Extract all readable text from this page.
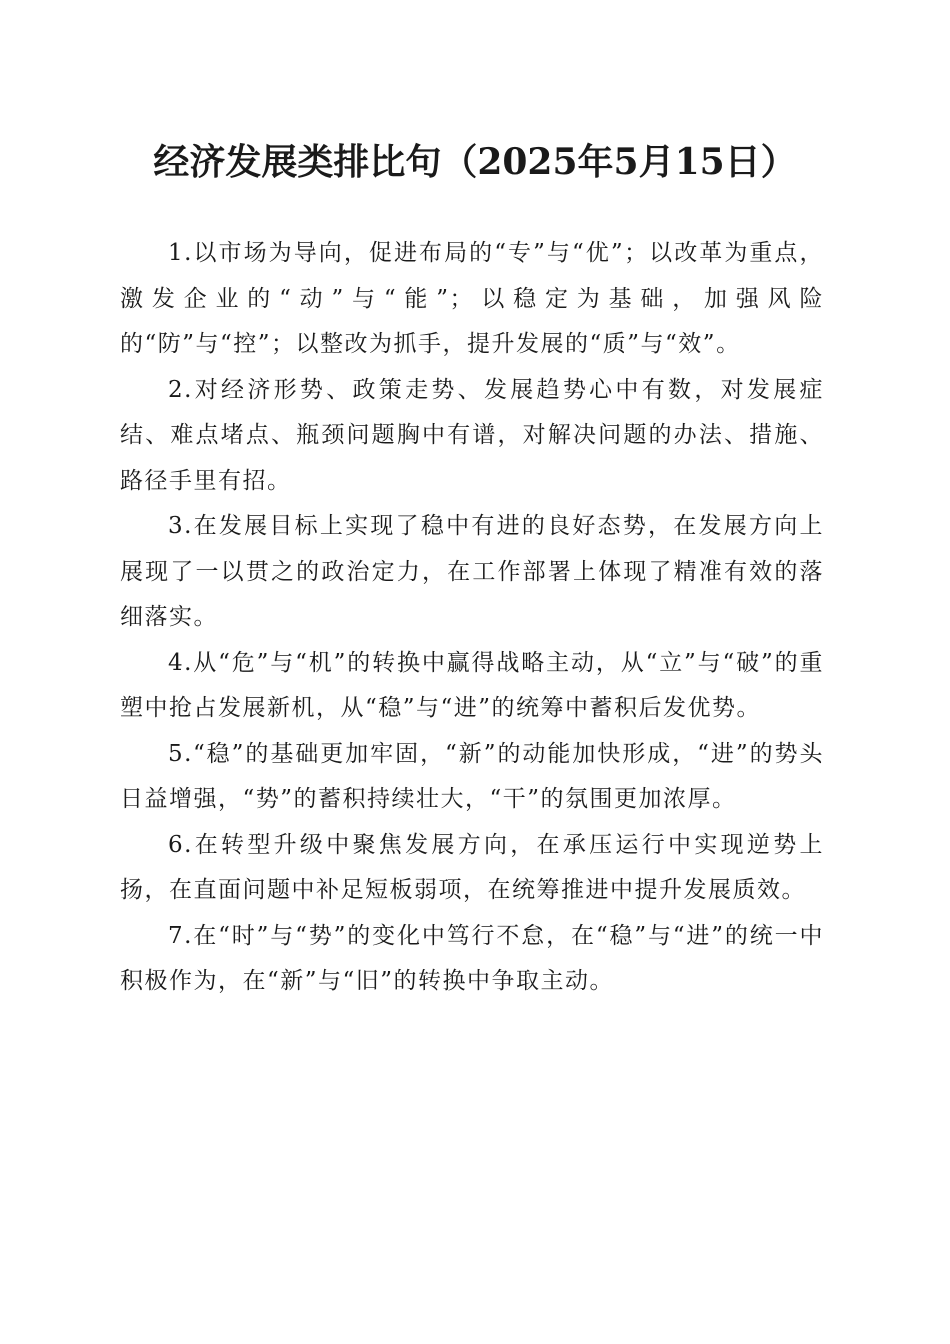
经济发展类排比句（2025年5月15日）

1.以市场为导向，促进布局的“专”与“优”；以改革为重点，激发企业的“动”与“能”；以稳定为基础，加强风险的“防”与“控”；以整改为抓手，提升发展的“质”与“效”。

2.对经济形势、政策走势、发展趋势心中有数，对发展症结、难点堵点、瓶颈问题胸中有谱，对解决问题的办法、措施、路径手里有招。

3.在发展目标上实现了稳中有进的良好态势，在发展方向上展现了一以贯之的政治定力，在工作部署上体现了精准有效的落细落实。

4.从“危”与“机”的转换中赢得战略主动，从“立”与“破”的重塑中抢占发展新机，从“稳”与“进”的统筹中蓄积后发优势。

5.“稳”的基础更加牢固，“新”的动能加快形成，“进”的势头日益增强，“势”的蓄积持续壮大，“干”的氛围更加浓厚。

6.在转型升级中聚焦发展方向，在承压运行中实现逆势上扬，在直面问题中补足短板弱项，在统筹推进中提升发展质效。

7.在“时”与“势”的变化中笃行不怠，在“稳”与“进”的统一中积极作为，在“新”与“旧”的转换中争取主动。
